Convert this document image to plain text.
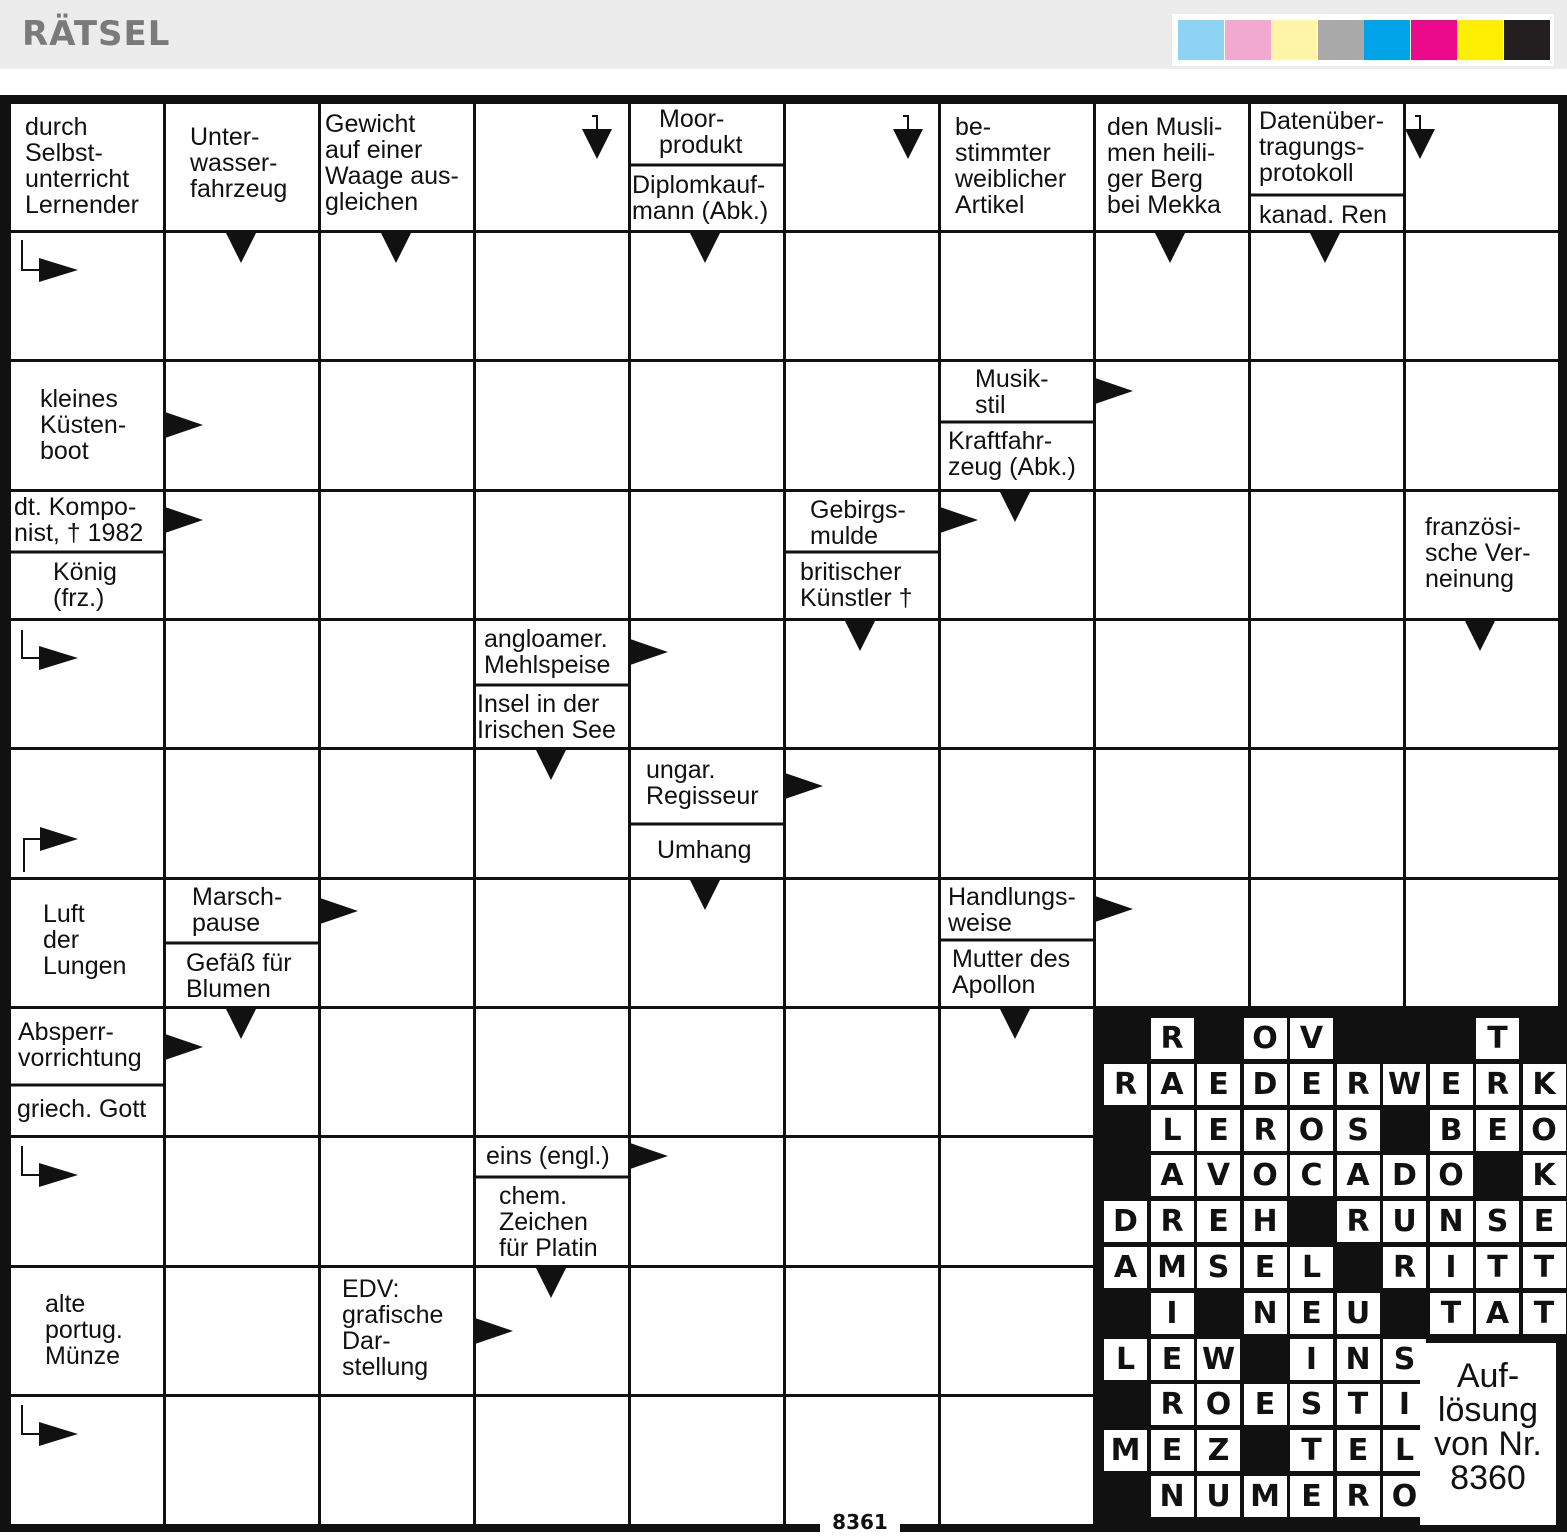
RÄTSEL
durch
Selbst-
unterricht
Lernender
Unter-
wasser-
fahrzeug
Gewicht
auf einer
Waage aus-
gleichen
Moor-
produkt
Diplomkauf-
mann (Abk.)
be-
stimmter
weiblicher
Artikel
den Musli-
men heili-
ger Berg
bei Mekka
Datenüber-
tragungs-
protokoll
kanad. Ren
kleines
Küsten-
boot
Musik-
stil
Kraftfahr-
zeug (Abk.)
dt. Kompo-
nist, † 1982
König
(frz.)
Gebirgs-
mulde
britischer
Künstler †
französi-
sche Ver-
neinung
angloamer.
Mehlspeise
Insel in der
Irischen See
ungar.
Regisseur
Umhang
Luft
der
Lungen
Marsch-
pause
Gefäß für
Blumen
Handlungs-
weise
Mutter des
Apollon
Absperr-
vorrichtung
griech. Gott
eins (engl.)
chem.
Zeichen
für Platin
alte
portug.
Münze
EDV:
grafische
Dar-
stellung
R	O V	T
R A E D E R W E R K
L E R O S	B E O
A V O C A D O	K
D R E H	R U N S E
A M S E L	R I	T T
I	N E U	T A T
L E W	I N S
R O E S T	I
M E Z	T E L
N U M E R O
Auf-
lösung
von Nr.
8360
8361
